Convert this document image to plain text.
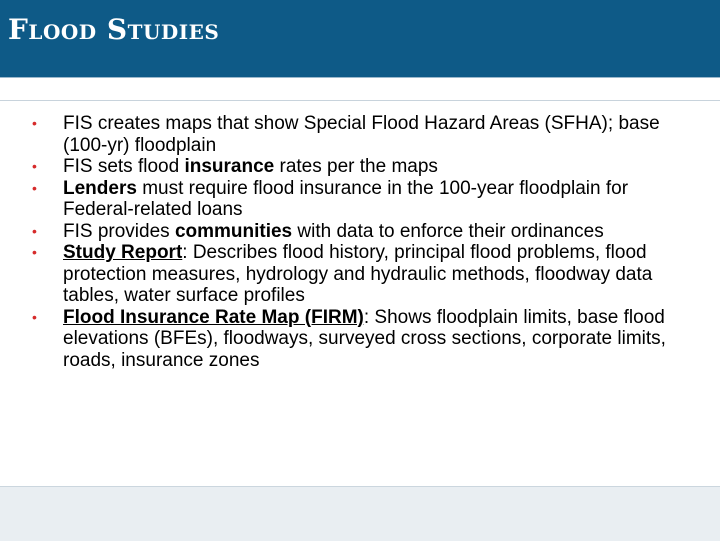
Flood Studies
• FIS creates maps that show Special Flood Hazard Areas (SFHA); base (100-yr) floodplain
• FIS sets flood insurance rates per the maps
• Lenders must require flood insurance in the 100-year floodplain for Federal-related loans
• FIS provides communities with data to enforce their ordinances
• Study Report: Describes flood history, principal flood problems, flood protection measures, hydrology and hydraulic methods, floodway data tables, water surface profiles
• Flood Insurance Rate Map (FIRM): Shows floodplain limits, base flood elevations (BFEs), floodways, surveyed cross sections, corporate limits, roads, insurance zones
